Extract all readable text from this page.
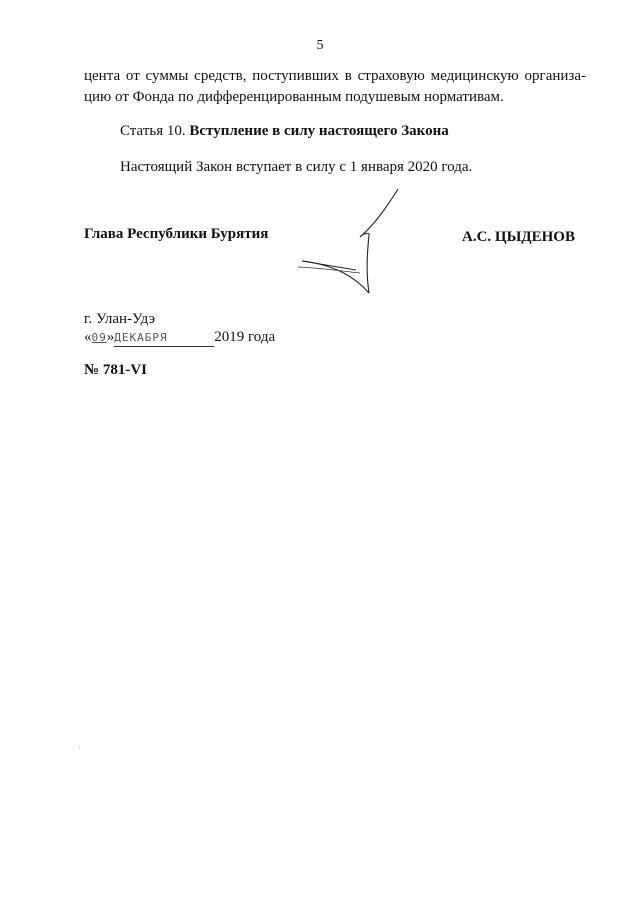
5
цента от суммы средств, поступивших в страховую медицинскую организа-
цию от Фонда по дифференцированным подушевым нормативам.
Статья 10. Вступление в силу настоящего Закона
Настоящий Закон вступает в силу с 1 января 2020 года.
Глава Республики Бурятия	А.С. ЦЫДЕНОВ
г. Улан-Удэ
«09»ДЕКАБРЯ	2019 года
№ 781-VI
